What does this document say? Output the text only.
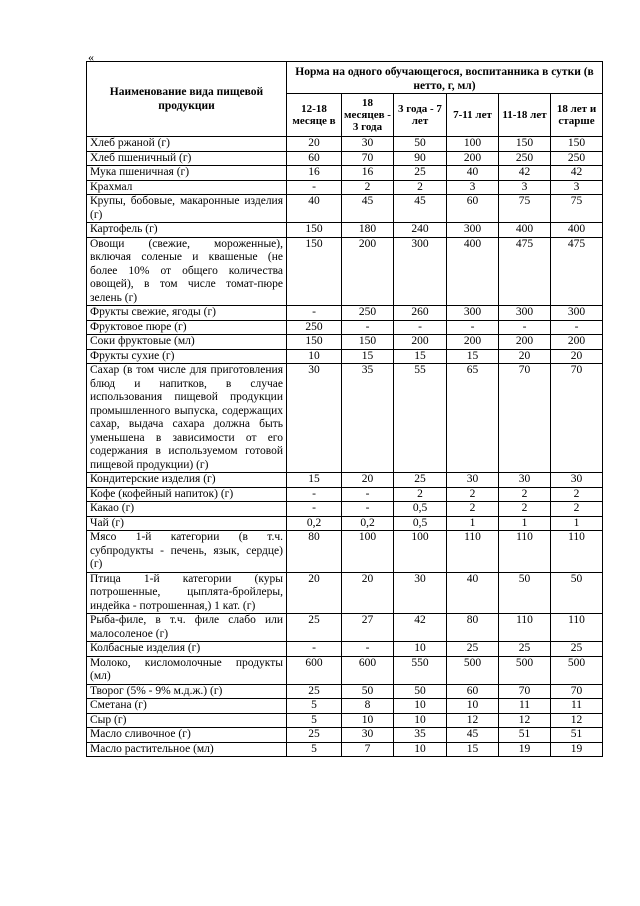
«
Наименование вида пищевой продукции	Норма на одного обучающегося, воспитанника в сутки (в нетто, г, мл)					
	12-18 месяце в	18 месяцев - 3 года	3 года - 7 лет	7-11 лет	11-18 лет	18 лет и старше
Хлеб ржаной (г)	20	30	50	100	150	150
Хлеб пшеничный (г)	60	70	90	200	250	250
Мука пшеничная (г)	16	16	25	40	42	42
Крахмал	-	2	2	3	3	3
Крупы, бобовые, макаронные изделия (г)	40	45	45	60	75	75
Картофель (г)	150	180	240	300	400	400
Овощи (свежие, мороженные), включая соленые и квашеные (не более 10% от общего количества овощей), в том числе томат-пюре зелень (г)	150	200	300	400	475	475
Фрукты свежие, ягоды (г)	-	250	260	300	300	300
Фруктовое пюре (г)	250	-	-	-	-	-
Соки фруктовые (мл)	150	150	200	200	200	200
Фрукты сухие (г)	10	15	15	15	20	20
Сахар (в том числе для приготовления блюд и напитков, в случае использования пищевой продукции промышленного выпуска, содержащих сахар, выдача сахара должна быть уменьшена в зависимости от его содержания в используемом готовой пищевой продукции) (г)	30	35	55	65	70	70
Кондитерские изделия (г)	15	20	25	30	30	30
Кофе (кофейный напиток) (г)	-	-	2	2	2	2
Какао (г)	-	-	0,5	2	2	2
Чай (г)	0,2	0,2	0,5	1	1	1
Мясо 1-й категории (в т.ч. субпродукты - печень, язык, сердце) (г)	80	100	100	110	110	110
Птица 1-й категории (куры потрошенные, цыплята-бройлеры, индейка - потрошенная,) 1 кат. (г)	20	20	30	40	50	50
Рыба-филе, в т.ч. филе слабо или малосоленое (г)	25	27	42	80	110	110
Колбасные изделия (г)	-	-	10	25	25	25
Молоко, кисломолочные продукты (мл)	600	600	550	500	500	500
Творог (5% - 9% м.д.ж.) (г)	25	50	50	60	70	70
Сметана (г)	5	8	10	10	11	11
Сыр (г)	5	10	10	12	12	12
Масло сливочное (г)	25	30	35	45	51	51
Масло растительное (мл)	5	7	10	15	19	19
